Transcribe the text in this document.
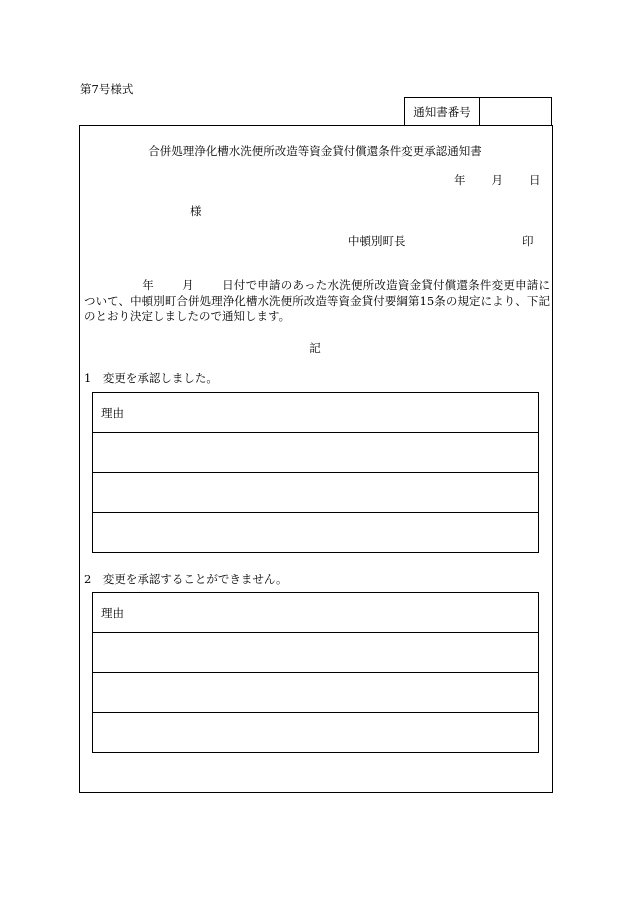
第7号様式
通知書番号
合併処理浄化槽水洗便所改造等資金貸付償還条件変更承認通知書
年 月 日
様
中頓別町長	印
年 月 日付で申請のあった水洗便所改造資金貸付償還条件変更申請について、中頓別町合併処理浄化槽水洗便所改造等資金貸付要綱第15条の規定により、下記のとおり決定しましたので通知します。
記
1　変更を承認しました。
理由

2　変更を承認することができません。
理由
